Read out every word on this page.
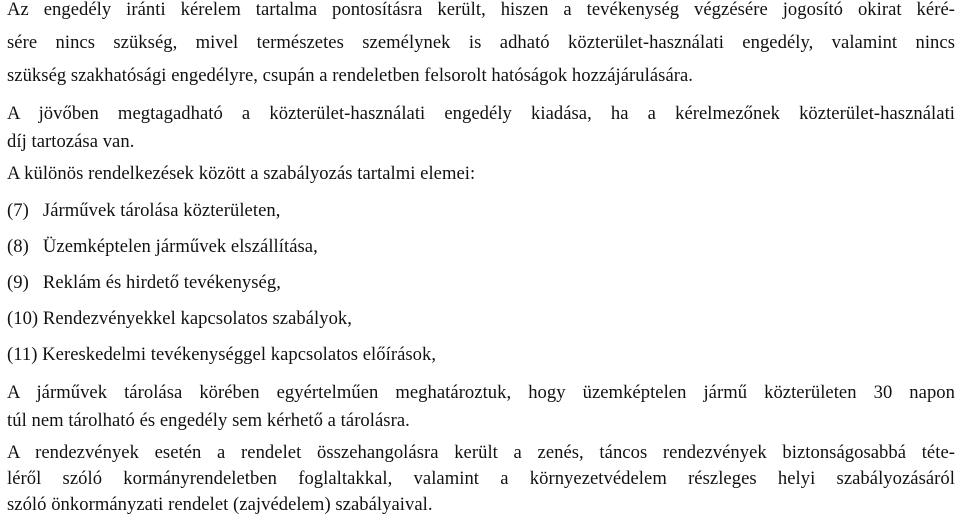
Az engedély iránti kérelem tartalma pontosításra került, hiszen a tevékenység végzésére jogosító okirat kéré-
sére nincs szükség, mivel természetes személynek is adható közterület-használati engedély, valamint nincs
szükség szakhatósági engedélyre, csupán a rendeletben felsorolt hatóságok hozzájárulására.
A jövőben megtagadható a közterület-használati engedély kiadása, ha a kérelmezőnek közterület-használati
díj tartozása van.
A különös rendelkezések között a szabályozás tartalmi elemei:
(7)   Járművek tárolása közterületen,
(8)   Üzemképtelen járművek elszállítása,
(9)   Reklám és hirdető tevékenység,
(10) Rendezvényekkel kapcsolatos szabályok,
(11) Kereskedelmi tevékenységgel kapcsolatos előírások,
A járművek tárolása körében egyértelműen meghatároztuk, hogy üzemképtelen jármű közterületen 30 napon
túl nem tárolható és engedély sem kérhető a tárolásra.
A rendezvények esetén a rendelet összehangolásra került a zenés, táncos rendezvények biztonságosabbá téte-
léről szóló kormányrendeletben foglaltakkal, valamint a környezetvédelem részleges helyi szabályozásáról
szóló önkormányzati rendelet (zajvédelem) szabályaival.
